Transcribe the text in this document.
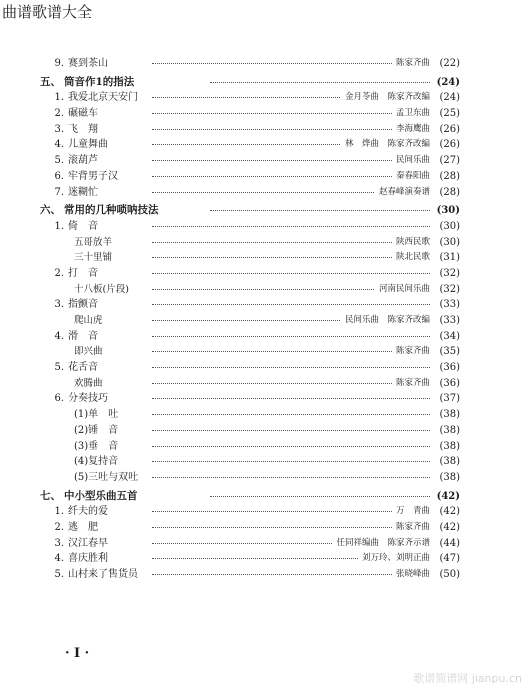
曲谱歌谱大全
9. 赛到茶山	陈家齐曲 (22)
五、 筒音作1的指法	(24)
1. 我爱北京天安门	金月苓曲　陈家齐改编 (24)
2. 碾磁车	孟卫东曲 (25)
3. 飞　翔	李海鹰曲 (26)
4. 儿童舞曲	林　烨曲　陈家齐改编 (26)
5. 滚葫芦	民间乐曲 (27)
6. 牢背男子汉	秦春阳曲 (28)
7. 迷糊忙	赵春峰演奏谱 (28)
六、 常用的几种唢呐技法	(30)
1. 倚　音	(30)
五哥放羊	陕西民歌 (30)
三十里铺	陕北民歌 (31)
2. 打　音	(32)
十八板(片段)	河南民间乐曲 (32)
3. 指颤音	(33)
爬山虎	民间乐曲　陈家齐改编 (33)
4. 滑　音	(34)
即兴曲	陈家齐曲 (35)
5. 花舌音	(36)
欢腾曲	陈家齐曲 (36)
6. 分奏技巧	(37)
(1)单　吐	(38)
(2)锤　音	(38)
(3)垂　音	(38)
(4)复持音	(38)
(5)三吐与双吐	(38)
七、 中小型乐曲五首	(42)
1. 纤夫的爱	万　青曲 (42)
2. 逃　肥	陈家齐曲 (42)
3. 汉江春早	任同祥编曲　陈家齐示谱 (44)
4. 喜庆胜利	刘万玲、刘明正曲 (47)
5. 山村来了售货员	张晓峰曲 (50)
· I ·
歌谱简谱网 jianpu.cn
